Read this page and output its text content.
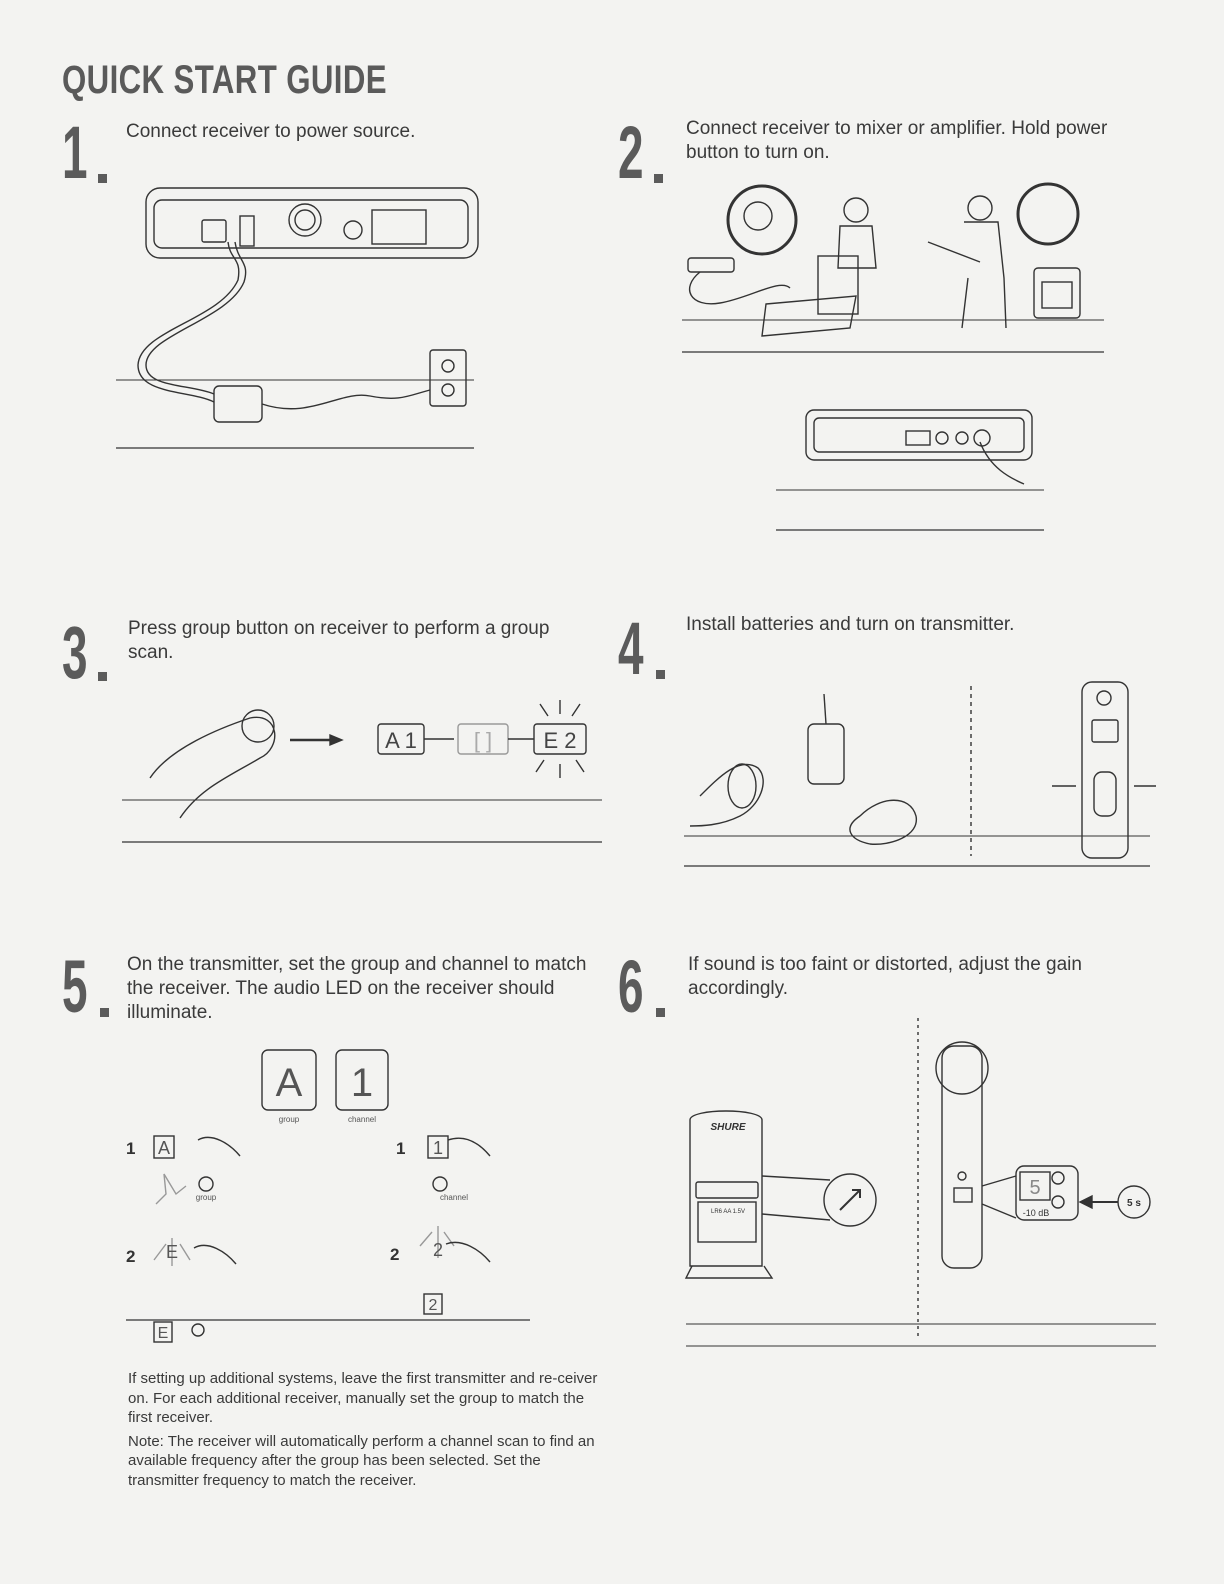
QUICK START GUIDE
1 Connect receiver to power source.	2 Connect receiver to mixer or amplifier. Hold power button to turn on.
3 Press group button on receiver to perform a group scan.
A 1	[ ] E 2
4 Install batteries and turn on transmitter.
5 On the transmitter, set the group and channel to match the receiver. The audio LED on the receiver should illuminate.
A 1
A	1
E	2
2
E
group	channel
group	channel
1	1
2	2

If setting up additional systems, leave the first transmitter and re-ceiver on. For each additional receiver, manually set the group to match the first receiver.

Note: The receiver will automatically perform a channel scan to find an available frequency after the group has been selected. Set the transmitter frequency to match the receiver.

6 If sound is too faint or distorted, adjust the gain accordingly.
SHURE
LR6 AA 1.5V
5
-10 dB
5 s
